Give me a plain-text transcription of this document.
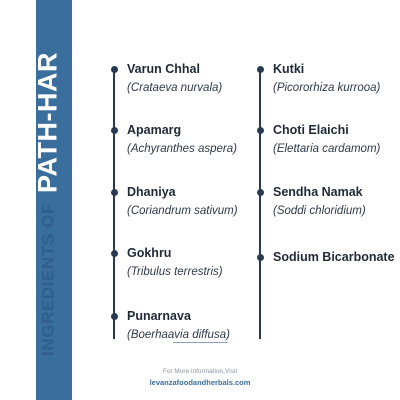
INGREDIENTS OFPATH-HAR	Varun Chhal
(Crataeva nurvala)
Apamarg
(Achyranthes aspera)
Dhaniya
(Coriandrum sativum)
Gokhru
(Tribulus terrestris)
Punarnava
(Boerhaavia diffusa)
Kutki
(Picororhiza kurrooa)
Choti Elaichi
(Elettaria cardamom)
Sendha Namak
(Soddi chloridium)
Sodium Bicarbonate
For More information,Visit
levanzafoodandherbals.com
